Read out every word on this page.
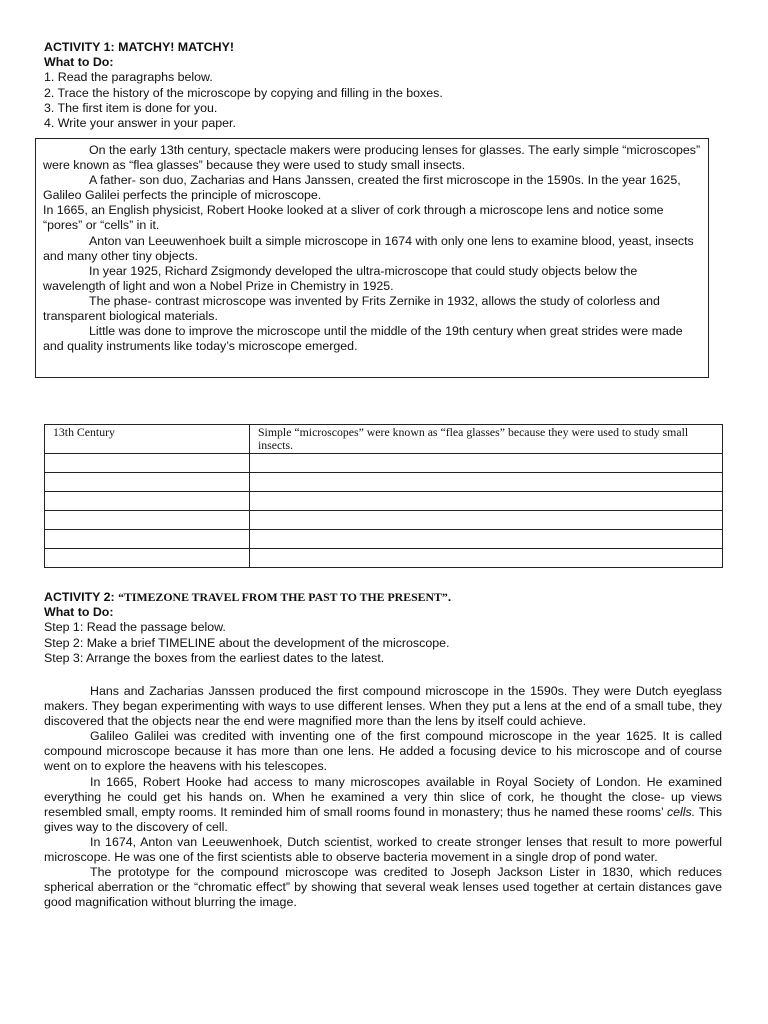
ACTIVITY 1: MATCHY! MATCHY!
What to Do:
1. Read the paragraphs below.
2. Trace the history of the microscope by copying and filling in the boxes.
3. The first item is done for you.
4. Write your answer in your paper.

On the early 13th century, spectacle makers were producing lenses for glasses. The early simple “microscopes” were known as “flea glasses” because they were used to study small insects.

A father- son duo, Zacharias and Hans Janssen, created the first microscope in the 1590s. In the year 1625, Galileo Galilei perfects the principle of microscope.

In 1665, an English physicist, Robert Hooke looked at a sliver of cork through a microscope lens and notice some “pores” or “cells” in it.

Anton van Leeuwenhoek built a simple microscope in 1674 with only one lens to examine blood, yeast, insects and many other tiny objects.

In year 1925, Richard Zsigmondy developed the ultra-microscope that could study objects below the wavelength of light and won a Nobel Prize in Chemistry in 1925.

The phase- contrast microscope was invented by Frits Zernike in 1932, allows the study of colorless and transparent biological materials.

Little was done to improve the microscope until the middle of the 19th century when great strides were made and quality instruments like today’s microscope emerged.

13th Century	Simple “microscopes” were known as “flea glasses” because they were used to study small insects.

ACTIVITY 2: “TIMEZONE TRAVEL FROM THE PAST TO THE PRESENT”.
What to Do:
Step 1: Read the passage below.
Step 2: Make a brief TIMELINE about the development of the microscope.
Step 3: Arrange the boxes from the earliest dates to the latest.

Hans and Zacharias Janssen produced the first compound microscope in the 1590s. They were Dutch eyeglass makers. They began experimenting with ways to use different lenses. When they put a lens at the end of a small tube, they discovered that the objects near the end were magnified more than the lens by itself could achieve.

Galileo Galilei was credited with inventing one of the first compound microscope in the year 1625. It is called compound microscope because it has more than one lens. He added a focusing device to his microscope and of course went on to explore the heavens with his telescopes.

In 1665, Robert Hooke had access to many microscopes available in Royal Society of London. He examined everything he could get his hands on. When he examined a very thin slice of cork, he thought the close- up views resembled small, empty rooms. It reminded him of small rooms found in monastery; thus he named these rooms’ cells. This gives way to the discovery of cell.

In 1674, Anton van Leeuwenhoek, Dutch scientist, worked to create stronger lenses that result to more powerful microscope. He was one of the first scientists able to observe bacteria movement in a single drop of pond water.

The prototype for the compound microscope was credited to Joseph Jackson Lister in 1830, which reduces spherical aberration or the “chromatic effect” by showing that several weak lenses used together at certain distances gave good magnification without blurring the image.
